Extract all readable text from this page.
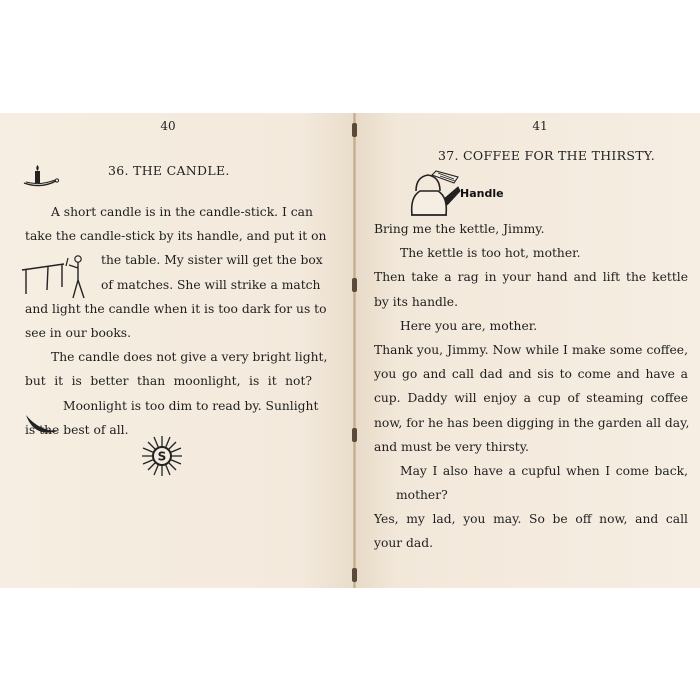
40
36. THE CANDLE.
A short candle is in the candle-stick. I can
take the candle-stick by its handle, and put it on
the table. My sister will get the box
of matches. She will strike a match
and light the candle when it is too dark for us to
see in our books.
The candle does not give a very bright light,
but it is better than moonlight, is it not?
Moonlight is too dim to read by. Sunlight
is the best of all.
S
41
37. COFFEE FOR THE THIRSTY.
Handle
Bring me the kettle, Jimmy.
The kettle is too hot, mother.
Then take a rag in your hand and lift the kettle
by its handle.
Here you are, mother.
Thank you, Jimmy. Now while I make some coffee,
you go and call dad and sis to come and have a
cup. Daddy will enjoy a cup of steaming coffee
now, for he has been digging in the garden all day,
and must be very thirsty.
May I also have a cupful when I come back,
mother?
Yes, my lad, you may. So be off now, and call
your dad.
